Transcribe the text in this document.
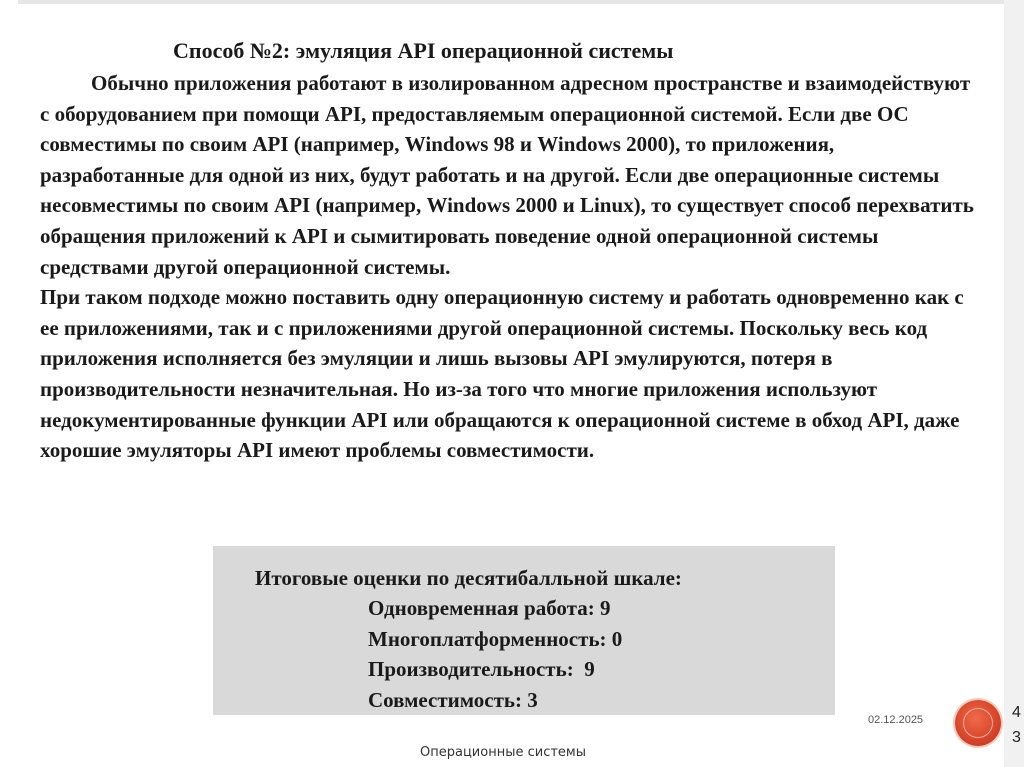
Способ №2: эмуляция API операционной системы

Обычно приложения работают в изолированном адресном пространстве и взаимодействуют с оборудованием при помощи API, предоставляемым операционной системой. Если две ОС совместимы по своим API (например, Windows 98 и Windows 2000), то приложения, разработанные для одной из них, будут работать и на другой. Если две операционные системы несовместимы по своим API (например, Windows 2000 и Linux), то существует способ перехватить обращения приложений к API и сымитировать поведение одной операционной системы средствами другой операционной системы.

При таком подходе можно поставить одну операционную систему и работать одновременно как с ее приложениями, так и с приложениями другой операционной системы. Поскольку весь код приложения исполняется без эмуляции и лишь вызовы API эмулируются, потеря в производительности незначительная. Но из-за того что многие приложения используют недокументированные функции API или обращаются к операционной системе в обход API, даже хорошие эмуляторы API имеют проблемы совместимости.

Итоговые оценки по десятибалльной шкале:

Одновременная работа: 9
Многоплатформенность: 0
Производительность:  9
Совместимость: 3
02.12.2025
Операционные системы
43
